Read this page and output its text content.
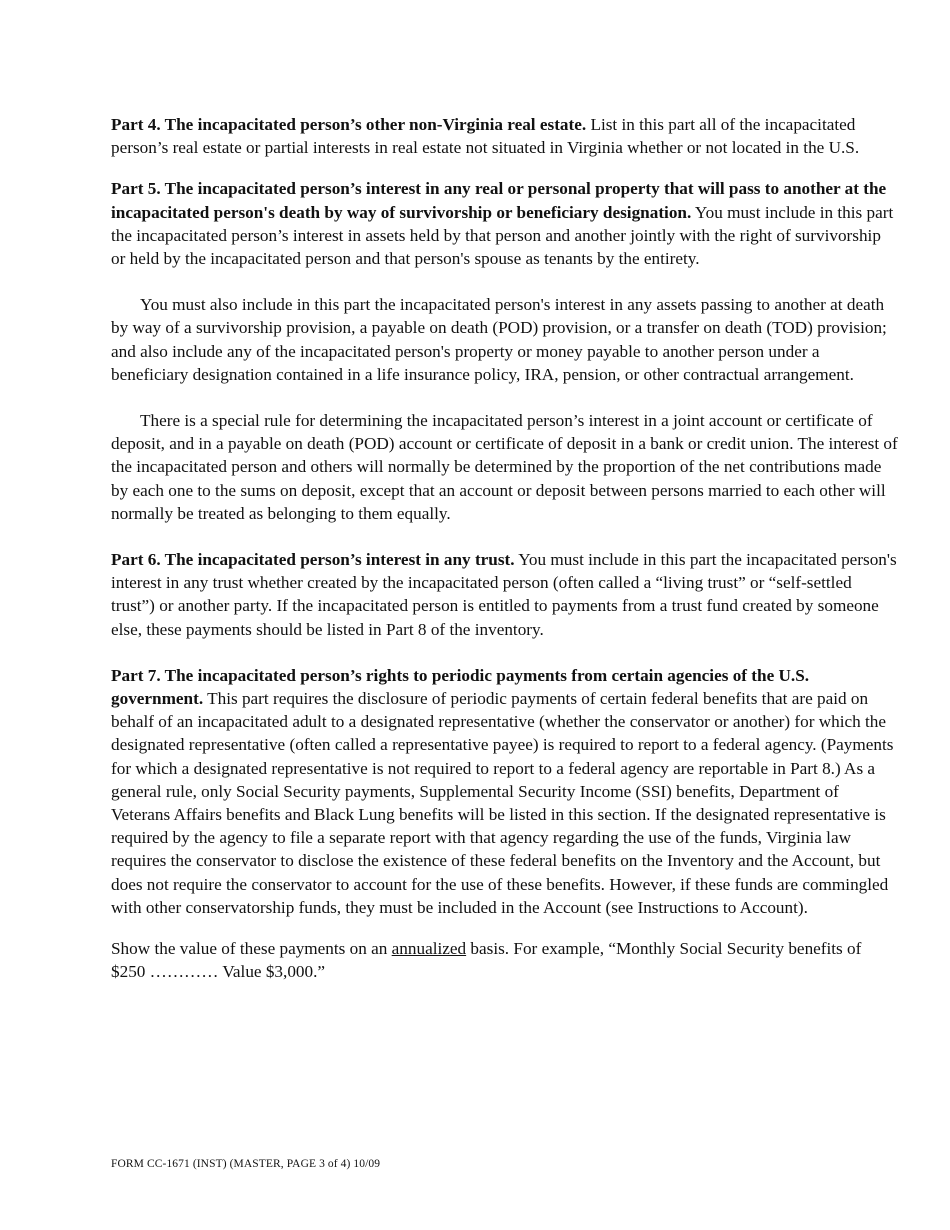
Part 4. The incapacitated person’s other non-Virginia real estate. List in this part all of the incapacitated person’s real estate or partial interests in real estate not situated in Virginia whether or not located in the U.S.

Part 5. The incapacitated person’s interest in any real or personal property that will pass to another at the incapacitated person's death by way of survivorship or beneficiary designation. You must include in this part the incapacitated person’s interest in assets held by that person and another jointly with the right of survivorship or held by the incapacitated person and that person's spouse as tenants by the entirety.

You must also include in this part the incapacitated person's interest in any assets passing to another at death by way of a survivorship provision, a payable on death (POD) provision, or a transfer on death (TOD) provision; and also include any of the incapacitated person's property or money payable to another person under a beneficiary designation contained in a life insurance policy, IRA, pension, or other contractual arrangement.

There is a special rule for determining the incapacitated person’s interest in a joint account or certificate of deposit, and in a payable on death (POD) account or certificate of deposit in a bank or credit union. The interest of the incapacitated person and others will normally be determined by the proportion of the net contributions made by each one to the sums on deposit, except that an account or deposit between persons married to each other will normally be treated as belonging to them equally.

Part 6. The incapacitated person’s interest in any trust. You must include in this part the incapacitated person's interest in any trust whether created by the incapacitated person (often called a “living trust” or “self-settled trust”) or another party. If the incapacitated person is entitled to payments from a trust fund created by someone else, these payments should be listed in Part 8 of the inventory.

Part 7. The incapacitated person’s rights to periodic payments from certain agencies of the U.S. government. This part requires the disclosure of periodic payments of certain federal benefits that are paid on behalf of an incapacitated adult to a designated representative (whether the conservator or another) for which the designated representative (often called a representative payee) is required to report to a federal agency. (Payments for which a designated representative is not required to report to a federal agency are reportable in Part 8.) As a general rule, only Social Security payments, Supplemental Security Income (SSI) benefits, Department of Veterans Affairs benefits and Black Lung benefits will be listed in this section. If the designated representative is required by the agency to file a separate report with that agency regarding the use of the funds, Virginia law requires the conservator to disclose the existence of these federal benefits on the Inventory and the Account, but does not require the conservator to account for the use of these benefits. However, if these funds are commingled with other conservatorship funds, they must be included in the Account (see Instructions to Account).

Show the value of these payments on an annualized basis. For example, “Monthly Social Security benefits of $250 ………… Value $3,000.”

FORM CC-1671 (INST) (MASTER, PAGE 3 of 4) 10/09
